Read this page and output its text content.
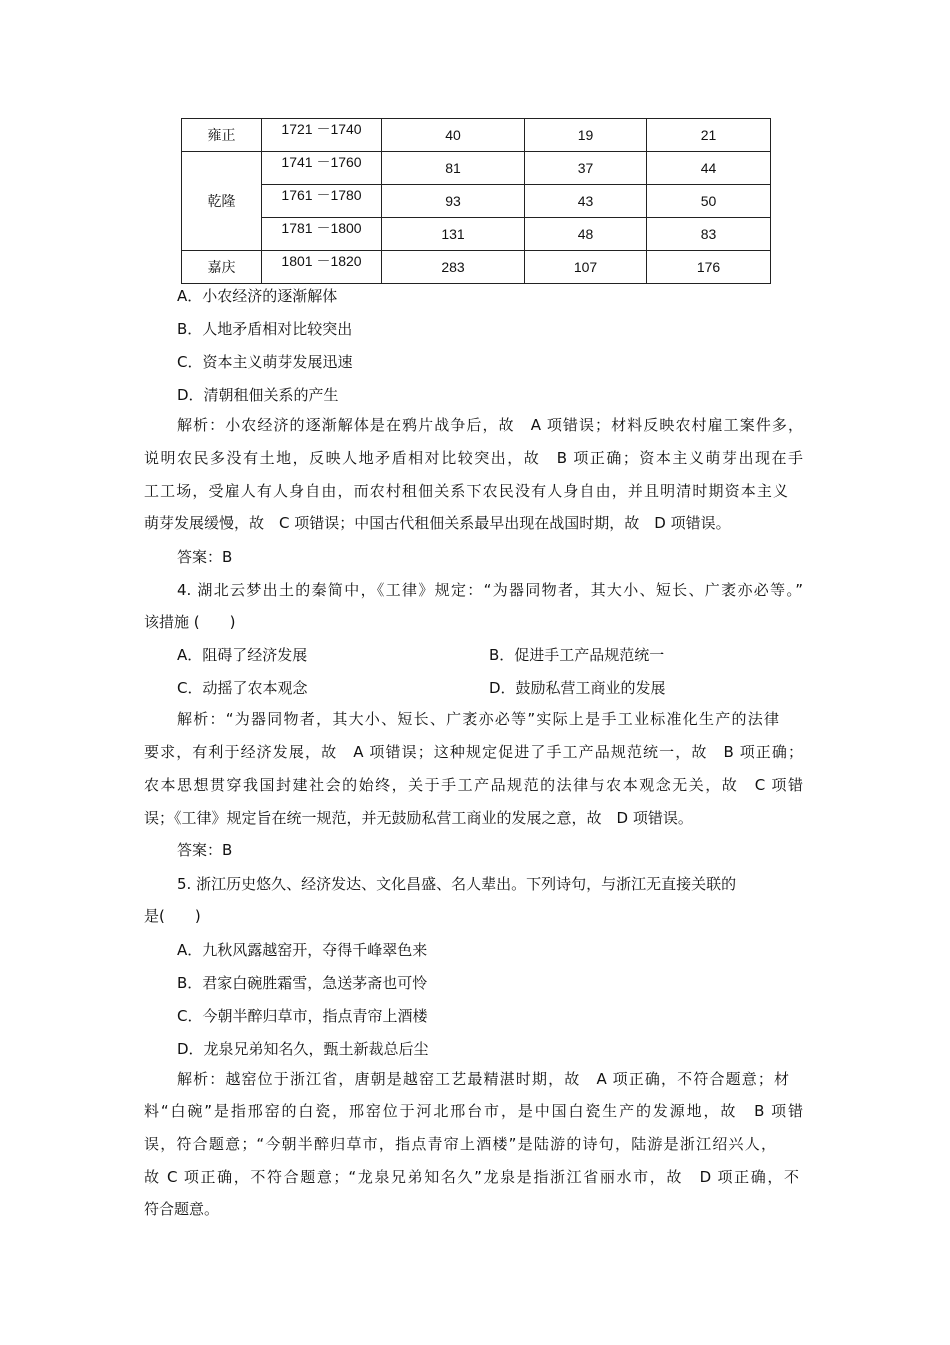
雍正	1721 －1740	40	19	21
乾隆	1741 －1760	81	37	44
	1761 －1780	93	43	50
	1781 －1800	131	48	83
嘉庆	1801 －1820	283	107	176
A．小农经济的逐渐解体
B．人地矛盾相对比较突出
C．资本主义萌芽发展迅速
D．清朝租佃关系的产生
解析：小农经济的逐渐解体是在鸦片战争后，故　A 项错误；材料反映农村雇工案件多，
说明农民多没有土地，反映人地矛盾相对比较突出，故　B 项正确；资本主义萌芽出现在手
工工场，受雇人有人身自由，而农村租佃关系下农民没有人身自由，并且明清时期资本主义
萌芽发展缓慢，故　C 项错误；中国古代租佃关系最早出现在战国时期，故　D 项错误。
答案：B
4. 湖北云梦出土的秦简中，《工律》规定：“为器同物者，其大小、短长、广袤亦必等。”
该措施 (　　)
A．阻碍了经济发展	B．促进手工产品规范统一
C．动摇了农本观念	D．鼓励私营工商业的发展
解析：“为器同物者，其大小、短长、广袤亦必等”实际上是手工业标准化生产的法律
要求，有利于经济发展，故　A 项错误；这种规定促进了手工产品规范统一，故　B 项正确；
农本思想贯穿我国封建社会的始终，关于手工产品规范的法律与农本观念无关，故　C 项错
误；《工律》规定旨在统一规范，并无鼓励私营工商业的发展之意，故　D 项错误。
答案：B
5. 浙江历史悠久、经济发达、文化昌盛、名人辈出。下列诗句，与浙江无直接关联的
是(　　)
A．九秋风露越窑开，夺得千峰翠色来
B．君家白碗胜霜雪，急送茅斋也可怜
C．今朝半醉归草市，指点青帘上酒楼
D．龙泉兄弟知名久，甄土新裁总后尘
解析：越窑位于浙江省，唐朝是越窑工艺最精湛时期，故　A 项正确，不符合题意；材
料“白碗”是指邢窑的白瓷，邢窑位于河北邢台市，是中国白瓷生产的发源地，故　B 项错
误，符合题意；“今朝半醉归草市，指点青帘上酒楼”是陆游的诗句，陆游是浙江绍兴人，
故 C 项正确，不符合题意；“龙泉兄弟知名久”龙泉是指浙江省丽水市，故　D 项正确，不
符合题意。
